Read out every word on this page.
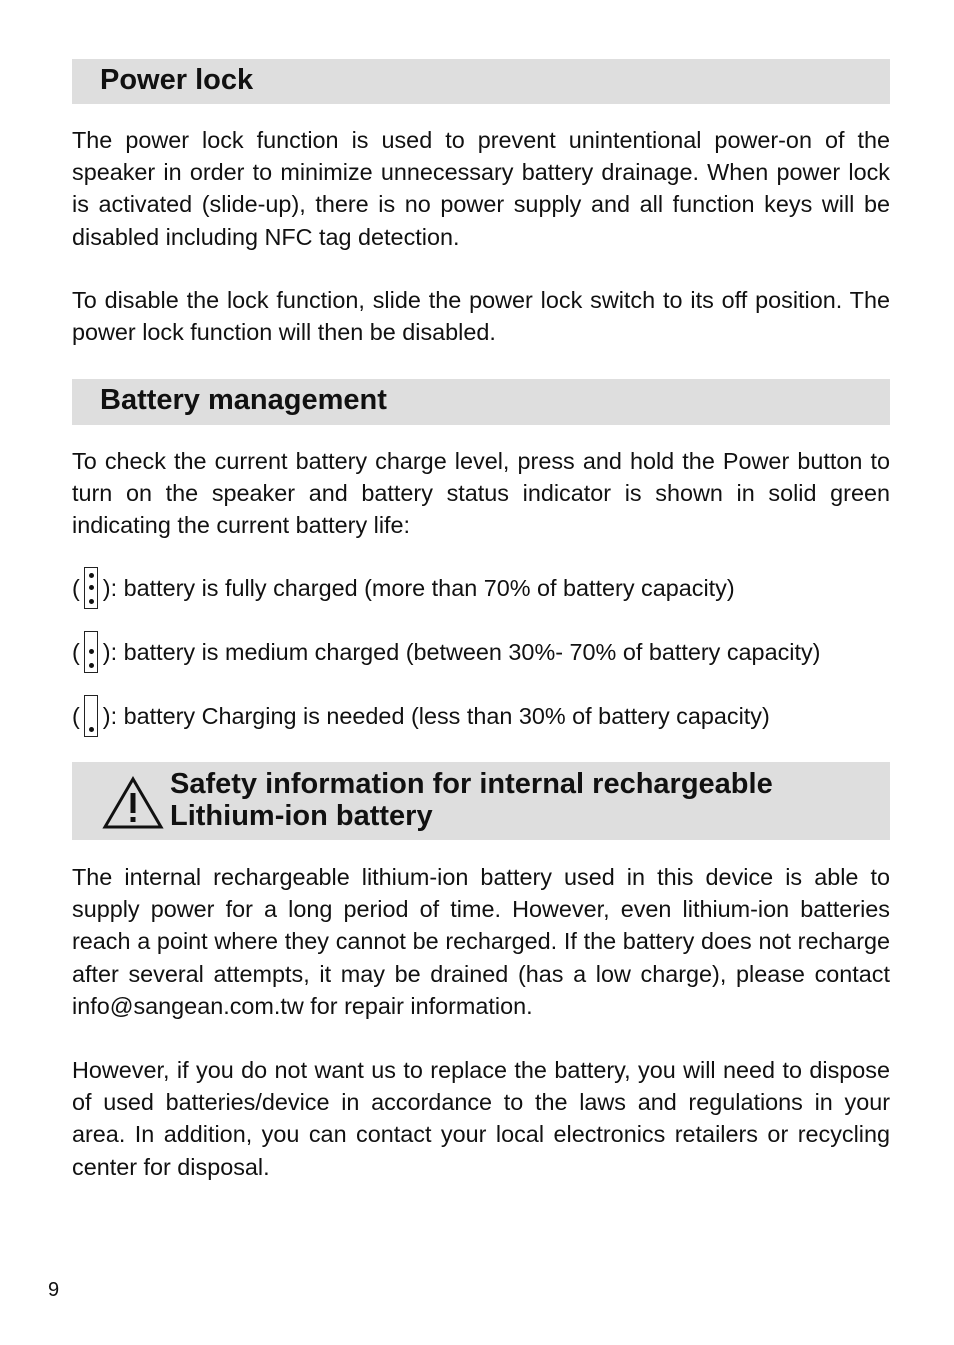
Power lock

The power lock function is used to prevent unintentional power-on of the speaker in order to minimize unnecessary battery drainage. When power lock is activated (slide-up), there is no power supply and all function keys will be disabled including NFC tag detection.

To disable the lock function, slide the power lock switch to its off position. The power lock function will then be disabled.

Battery management

To check the current battery charge level, press and hold the Power button to turn on the speaker and battery status indicator is shown in solid green indicating the current battery life:

( ): battery is fully charged (more than 70% of battery capacity)
( ): battery is medium charged (between 30%- 70% of battery capacity)
( ): battery Charging is needed (less than 30% of battery capacity)
Safety information for internal rechargeable
Lithium-ion battery

The internal rechargeable lithium-ion battery used in this device is able to supply power for a long period of time. However, even lithium-ion batteries reach a point where they cannot be recharged. If the battery does not recharge after several attempts, it may be drained (has a low charge), please contact info@sangean.com.tw for repair information.

However, if you do not want us to replace the battery, you will need to dispose of used batteries/device in accordance to the laws and regulations in your area. In addition, you can contact your local electronics retailers or recycling center for disposal.

9
